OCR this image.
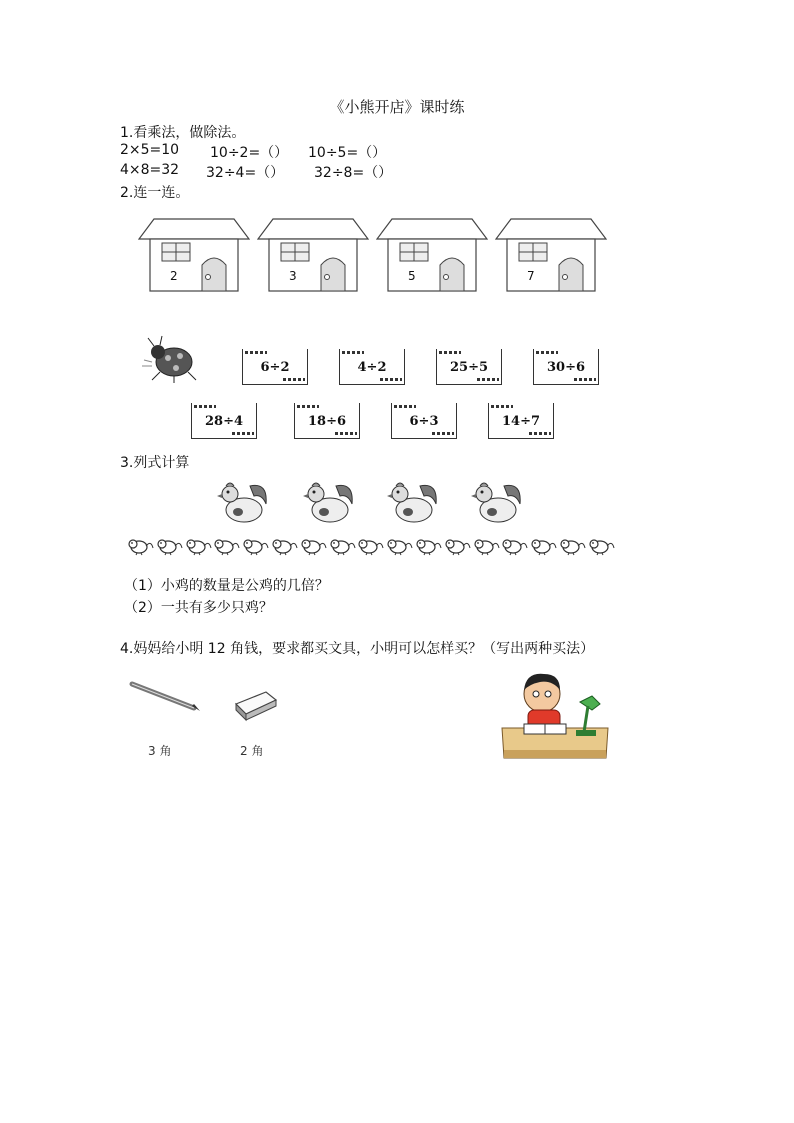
《小熊开店》课时练
1.看乘法，做除法。
2×5=10 10÷2=（） 10÷5=（）
4×8=32 32÷4=（） 32÷8=（）
2.连一连。
2	3	5	7
6÷2	4÷2	25÷5	30÷6
28÷4	18÷6	6÷3	14÷7
3.列式计算
（1）小鸡的数量是公鸡的几倍？
（2）一共有多少只鸡？
4.妈妈给小明 12 角钱，要求都买文具，小明可以怎样买？（写出两种买法）
3 角	2 角
